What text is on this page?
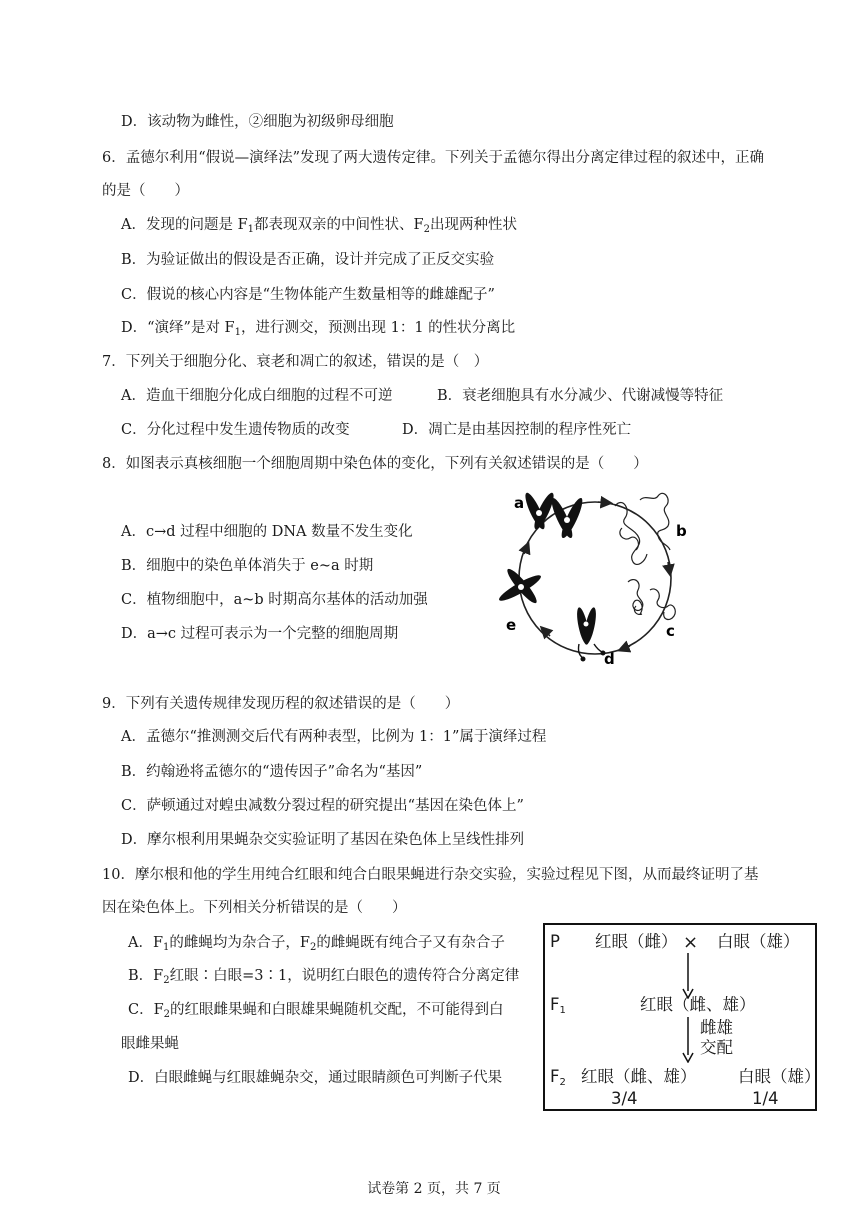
D．该动物为雌性，②细胞为初级卵母细胞
6．孟德尔利用“假说—演绎法”发现了两大遗传定律。下列关于孟德尔得出分离定律过程的叙述中，正确
的是（　　）
A．发现的问题是 $F_1$都表现双亲的中间性状、$F_2$出现两种性状
B．为验证做出的假设是否正确，设计并完成了正反交实验
C．假说的核心内容是“生物体能产生数量相等的雌雄配子”
D．“演绎”是对 $F_1$，进行测交，预测出现 1：1 的性状分离比
7．下列关于细胞分化、衰老和凋亡的叙述，错误的是（　）
A．造血干细胞分化成白细胞的过程不可逆	B．衰老细胞具有水分减少、代谢减慢等特征
C．分化过程中发生遗传物质的改变	D．凋亡是由基因控制的程序性死亡
8．如图表示真核细胞一个细胞周期中染色体的变化，下列有关叙述错误的是（　　）
A．c→d 过程中细胞的 DNA 数量不发生变化
B．细胞中的染色单体消失于 e~a 时期
C．植物细胞中，a~b 时期高尔基体的活动加强
D．a→c 过程可表示为一个完整的细胞周期
a
b
c
d
e
9．下列有关遗传规律发现历程的叙述错误的是（　　）
A．孟德尔“推测测交后代有两种表型，比例为 1：1”属于演绎过程
B．约翰逊将孟德尔的“遗传因子”命名为“基因”
C．萨顿通过对蝗虫减数分裂过程的研究提出“基因在染色体上”
D．摩尔根利用果蝇杂交实验证明了基因在染色体上呈线性排列
10．摩尔根和他的学生用纯合红眼和纯合白眼果蝇进行杂交实验，实验过程见下图，从而最终证明了基
因在染色体上。下列相关分析错误的是（　　）
A．$F_1$的雌蝇均为杂合子，$F_2$的雌蝇既有纯合子又有杂合子
B．$F_2$红眼∶白眼=3∶1，说明红白眼色的遗传符合分离定律
C．$F_2$的红眼雌果蝇和白眼雄果蝇随机交配，不可能得到白
眼雌果蝇
D．白眼雌蝇与红眼雄蝇杂交，通过眼睛颜色可判断子代果
P 红眼（雌） × 白眼（雄）
$F_1$	红眼（雌、雄）
雌雄
交配
$F_2$ 红眼（雌、雄）	白眼（雄）
3/4	1/4
试卷第 2 页，共 7 页
